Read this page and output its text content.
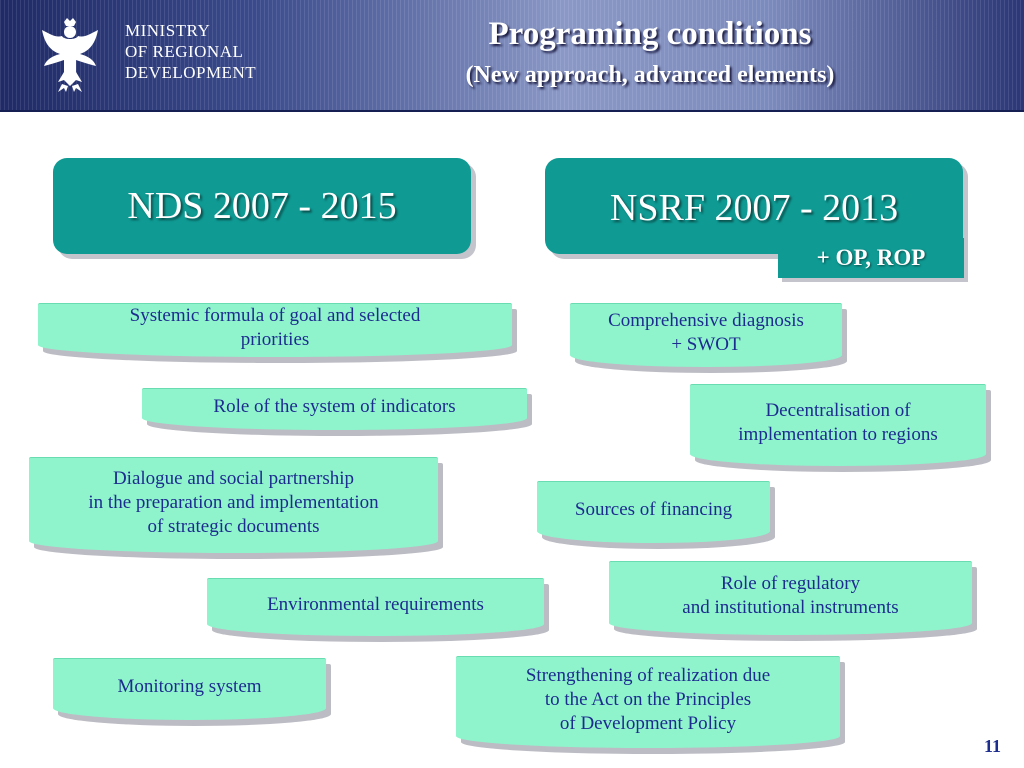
MINISTRY
OF REGIONAL
DEVELOPMENT
Programing conditions
(New approach, advanced elements)
NDS 2007 - 2015	NSRF 2007 - 2013
+ OP, ROP
Systemic formula of goal and selected
priorities
Role of the system of indicators
Dialogue and social partnership
in the preparation and implementation
of strategic documents
Environmental requirements
Monitoring system
Comprehensive diagnosis
+ SWOT
Decentralisation of
implementation to regions
Sources of financing
Role of regulatory
and institutional instruments
Strengthening of realization due
to the Act on the Principles
of Development Policy
11
